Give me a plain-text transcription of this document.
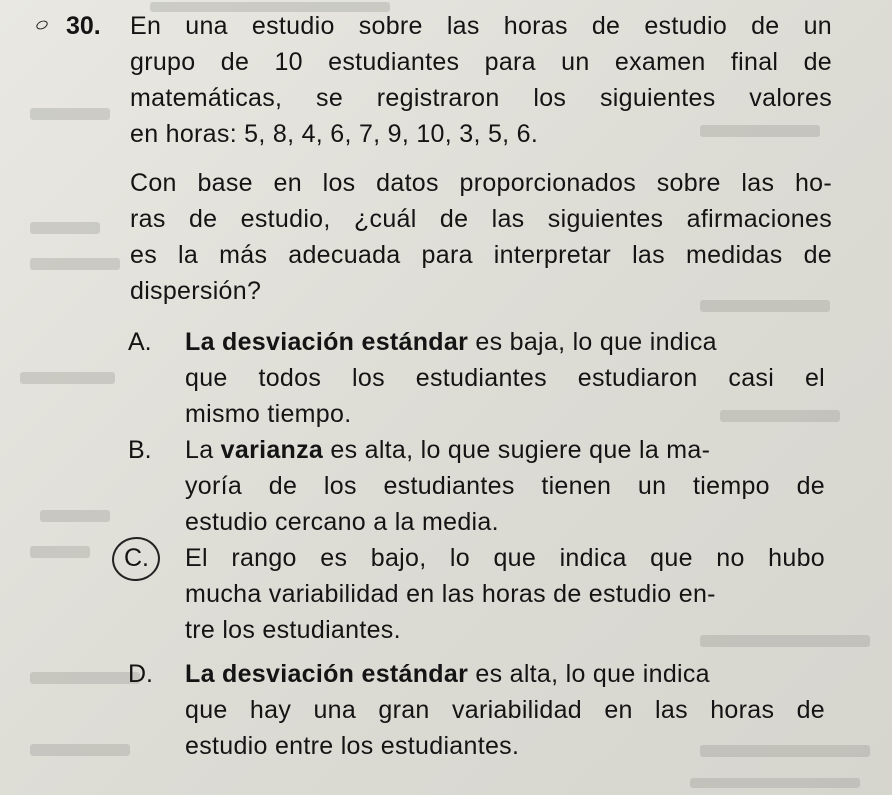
30. En una estudio sobre las horas de estudio de un
grupo de 10 estudiantes para un examen final de
matemáticas, se registraron los siguientes valores
en horas: 5, 8, 4, 6, 7, 9, 10, 3, 5, 6.
Con base en los datos proporcionados sobre las ho-
ras de estudio, ¿cuál de las siguientes afirmaciones
es la más adecuada para interpretar las medidas de
dispersión?
A. La desviación estándar es baja, lo que indica
que todos los estudiantes estudiaron casi el
mismo tiempo.
B. La varianza es alta, lo que sugiere que la ma-
yoría de los estudiantes tienen un tiempo de
estudio cercano a la media.
C. El rango es bajo, lo que indica que no hubo
mucha variabilidad en las horas de estudio en-
tre los estudiantes.
D. La desviación estándar es alta, lo que indica
que hay una gran variabilidad en las horas de
estudio entre los estudiantes.
